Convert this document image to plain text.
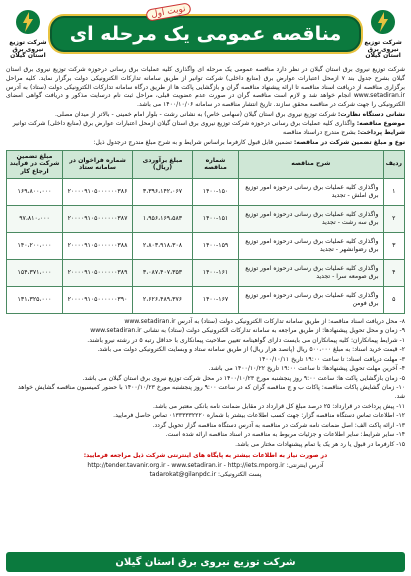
شرکت توزیع نیروی برق استان گیلان
مناقصه عمومی یک مرحله ای
شرکت توزیع نیروی برق استان گیلان
نوبت اول
شرکت توزیع نیروی برق استان گیلان در نظر دارد مناقصه عمومی یک مرحله ای واگذاری کلیه عملیات برق رسانی درحوزه شرکت توزیع نیروی برق استان گیلان بشرح جدول بند ۷ ازمحل اعتبارات عوارض برق (منابع داخلی) شرکت توانیر از طریق سامانه تدارکات الکترونیکی دولت برگزار نماید. کلیه مراحل برگزاری مناقصه از دریافت اسناد مناقصه تا ارائه پیشنهاد مناقصه گران و بازگشایی پاکت ها از طریق درگاه سامانه تدارکات الکترونیکی دولت (ستاد) به آدرس www.setadiran.ir انجام خواهد شد و لازم است مناقصه گران در صورت عدم عضویت قبلی، مراحل ثبت نام درسایت مذکور و دریافت گواهی امضای الکترونیکی را جهت شرکت در مناقصه محقق سازند. تاریخ انتشار مناقصه در سامانه ۱۴۰۰/۱۰/۰۶ می باشد.
نشانی دستگاه نظارت: شرکت توزیع نیروی برق استان گیلان (سهامی خاص) به نشانی رشت - بلوار امام خمینی - بالاتر از میدان مصلی.
موضوع مناقصه: واگذاری کلیه عملیات برق رسانی درحوزه شرکت توزیع نیروی برق استان گیلان ازمحل اعتبارات عوارض برق (منابع داخلی) شرکت توانیر
شرایط پرداخت: بشرح مندرج دراسناد مناقصه
نوع و مبلغ تضمین شرکت در مناقصه: تضمین قابل قبول کارفرما براساس شرایط و به شرح مبلغ مندرج درجدول ذیل:
ردیف	شرح مناقصه	شماره مناقصه	مبلغ برآوردی (ریال)	شماره فراخوان در سامانه ستاد	مبلغ تضمین شرکت در فرآیند ارجاع کار
۱	واگذاری کلیه عملیات برق رسانی درحوزه امور توزیع برق املش - تجدید	۱۴۰۰-۱۵۰	۳،۳۹۶،۱۴۲،۰۶۷	۲۰۰۰۰۹۱۰۵۰۰۰۰۰۰۳۸۶	۱۶۹،۸۰۰،۰۰۰
۲	واگذاری کلیه عملیات برق رسانی درحوزه امور توزیع برق سه رشت - تجدید	۱۴۰۰-۱۵۱	۱،۹۵۶،۱۶۹،۵۸۳	۲۰۰۰۰۹۱۰۵۰۰۰۰۰۰۳۸۷	۹۷،۸۱۰،۰۰۰
۳	واگذاری کلیه عملیات برق رسانی درحوزه امور توزیع برق رضوانشهر - تجدید	۱۴۰۰-۱۵۹	۲،۸۰۳،۹۱۸،۳۰۸	۲۰۰۰۰۹۱۰۵۰۰۰۰۰۰۳۸۸	۱۴۰،۲۰۰،۰۰۰
۴	واگذاری کلیه عملیات برق رسانی درحوزه امور توزیع برق صومعه سرا - تجدید	۱۴۰۰-۱۶۱	۳،۰۸۷،۴۰۷،۳۵۳	۲۰۰۰۰۹۱۰۵۰۰۰۰۰۰۳۸۹	۱۵۴،۳۷۱،۰۰۰
۵	واگذاری کلیه عملیات برق رسانی درحوزه امور توزیع برق فومن	۱۴۰۰-۱۶۷	۲،۶۲۶،۴۸۹،۳۷۶	۲۰۰۰۰۹۱۰۵۰۰۰۰۰۰۳۹۰	۱۳۱،۳۲۵،۰۰۰

۸- محل دریافت اسناد مناقصه: از طریق سامانه تدارکات الکترونیکی دولت (ستاد) به آدرس www.setadiran.ir

۹- زمان و محل تحویل پیشنهادها: از طریق مراجعه به سامانه تدارکات الکترونیکی دولت (ستاد) به نشانی www.setadiran.ir

۱- شرایط پیمانکاران: کلیه پیمانکاران می بایست دارای گواهینامه تعیین صلاحیت پیمانکاری با حداقل رتبه ۵ در رشته نیرو باشند.

۲- قیمت خرید اسناد: به مبلغ ۵۰۰،۰۰۰ ریال (پانصد هزار ریال) از طریق سامانه ستاد و وبسایت الکترونیکی دولت می باشد.

۳- مهلت دریافت اسناد: تا ساعت ۱۹:۰۰ تاریخ ۱۴۰۰/۱۰/۱۱

۴- آخرین مهلت تحویل پیشنهادها: تا ساعت ۱۹:۰۰ تاریخ ۱۴۰۰/۱۰/۲۲ می باشد.

۵- زمان بازگشایی پاکت ها: ساعت ۹:۰۰ روز پنجشنبه مورخ ۱۴۰۰/۱۰/۲۳ در محل شرکت توزیع نیروی برق استان گیلان می باشد.

۱۰- زمان گشایش پاکات مناقصه: پاکات ب و ج مناقصه گران که در ساعت ۹:۰۰ روز پنجشنبه مورخ ۱۴۰۰/۱۰/۲۳ با حضور کمیسیون مناقصه گشایش خواهد شد.

۱۱- پیش پرداخت در قرارداد: ۲۵ درصد مبلغ کل قرارداد در مقابل ضمانت نامه بانکی معتبر می باشد.

۱۲- اطلاعات تماس دستگاه مناقصه گزار: جهت کسب اطلاعات بیشتر با شماره ۰۱۳۳۳۳۳۲۲۲۰ تماس حاصل فرمایید.

۱۳- ارائه پاکت الف: اصل ضمانت نامه شرکت در مناقصه به آدرس دستگاه مناقصه گزار تحویل گردد.

۱۴- سایر شرایط: سایر اطلاعات و جزئیات مربوط به مناقصه در اسناد مناقصه ارائه شده است.

۱۵- کارفرما در قبول یا رد هر یک یا تمام پیشنهادات مختار می باشد.

در صورت نیاز به اطلاعات بیشتر به پایگاه های اینترنتی شرکت ذیل مراجعه فرمایید:
آدرس اینترنتی: http://tender.tavanir.org.ir - www.setadiran.ir - http://iets.mporg.ir
پست الکترونیکی: tadarokat@gilanpdc.ir
شرکت توزیع نیروی برق استان گیلان
